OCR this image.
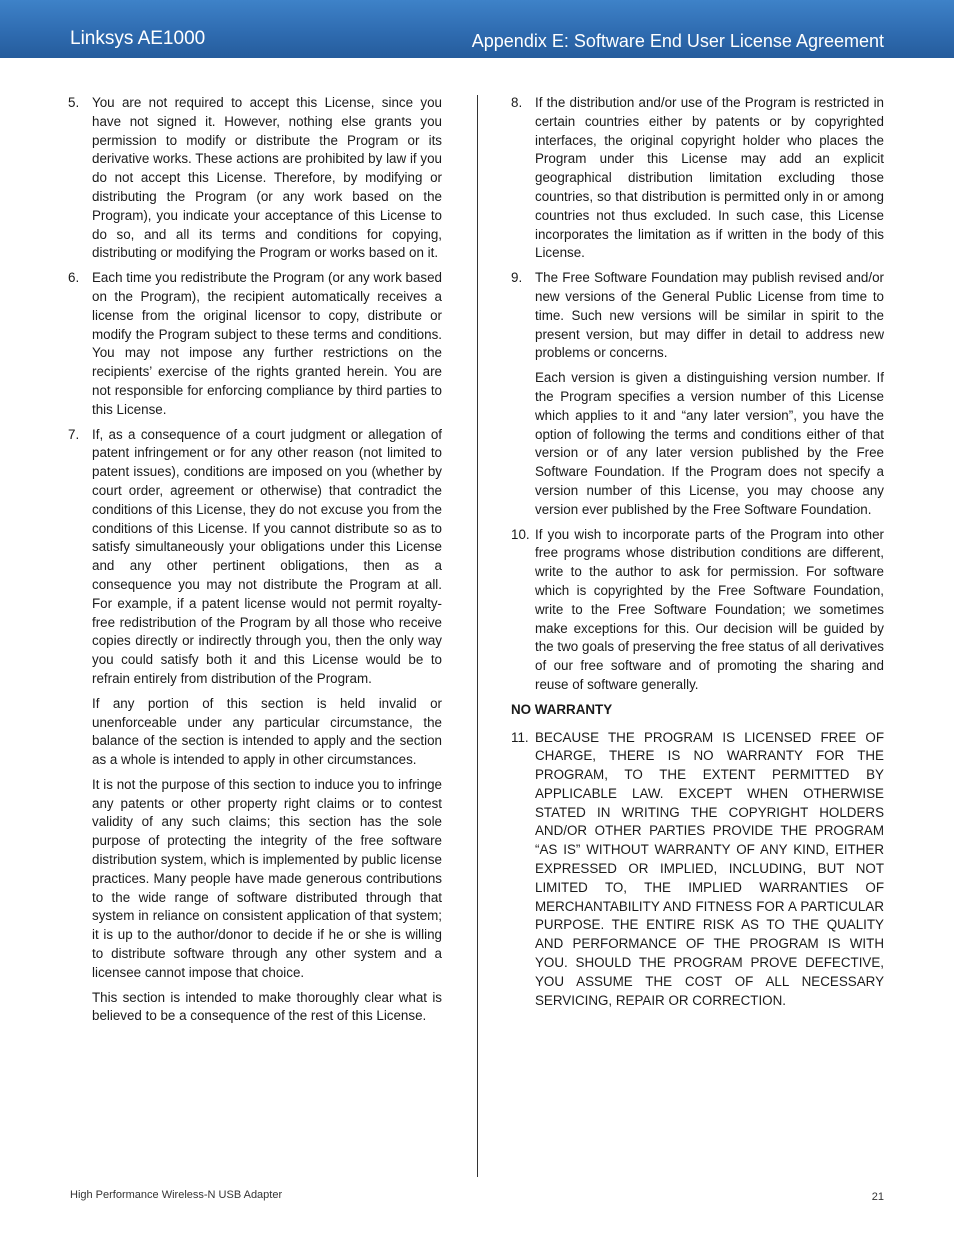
Linksys AE1000	Appendix E: Software End User License Agreement
5. You are not required to accept this License, since you have not signed it. However, nothing else grants you permission to modify or distribute the Program or its derivative works. These actions are prohibited by law if you do not accept this License. Therefore, by modifying or distributing the Program (or any work based on the Program), you indicate your acceptance of this License to do so, and all its terms and conditions for copying, distributing or modifying the Program or works based on it.

6. Each time you redistribute the Program (or any work based on the Program), the recipient automatically receives a license from the original licensor to copy, distribute or modify the Program subject to these terms and conditions. You may not impose any further restrictions on the recipients’ exercise of the rights granted herein. You are not responsible for enforcing compliance by third parties to this License.

7. If, as a consequence of a court judgment or allegation of patent infringement or for any other reason (not limited to patent issues), conditions are imposed on you (whether by court order, agreement or otherwise) that contradict the conditions of this License, they do not excuse you from the conditions of this License. If you cannot distribute so as to satisfy simultaneously your obligations under this License and any other pertinent obligations, then as a consequence you may not distribute the Program at all. For example, if a patent license would not permit royalty-free redistribution of the Program by all those who receive copies directly or indirectly through you, then the only way you could satisfy both it and this License would be to refrain entirely from distribution of the Program.

If any portion of this section is held invalid or unenforceable under any particular circumstance, the balance of the section is intended to apply and the section as a whole is intended to apply in other circumstances.

It is not the purpose of this section to induce you to infringe any patents or other property right claims or to contest validity of any such claims; this section has the sole purpose of protecting the integrity of the free software distribution system, which is implemented by public license practices. Many people have made generous contributions to the wide range of software distributed through that system in reliance on consistent application of that system; it is up to the author/donor to decide if he or she is willing to distribute software through any other system and a licensee cannot impose that choice.

This section is intended to make thoroughly clear what is believed to be a consequence of the rest of this License.

8. If the distribution and/or use of the Program is restricted in certain countries either by patents or by copyrighted interfaces, the original copyright holder who places the Program under this License may add an explicit geographical distribution limitation excluding those countries, so that distribution is permitted only in or among countries not thus excluded. In such case, this License incorporates the limitation as if written in the body of this License.

9. The Free Software Foundation may publish revised and/or new versions of the General Public License from time to time. Such new versions will be similar in spirit to the present version, but may differ in detail to address new problems or concerns.

Each version is given a distinguishing version number. If the Program specifies a version number of this License which applies to it and “any later version”, you have the option of following the terms and conditions either of that version or of any later version published by the Free Software Foundation. If the Program does not specify a version number of this License, you may choose any version ever published by the Free Software Foundation.

10. If you wish to incorporate parts of the Program into other free programs whose distribution conditions are different, write to the author to ask for permission. For software which is copyrighted by the Free Software Foundation, write to the Free Software Foundation; we sometimes make exceptions for this. Our decision will be guided by the two goals of preserving the free status of all derivatives of our free software and of promoting the sharing and reuse of software generally.

NO WARRANTY
11. BECAUSE THE PROGRAM IS LICENSED FREE OF CHARGE, THERE IS NO WARRANTY FOR THE PROGRAM, TO THE EXTENT PERMITTED BY APPLICABLE LAW. EXCEPT WHEN OTHERWISE STATED IN WRITING THE COPYRIGHT HOLDERS AND/OR OTHER PARTIES PROVIDE THE PROGRAM “AS IS” WITHOUT WARRANTY OF ANY KIND, EITHER EXPRESSED OR IMPLIED, INCLUDING, BUT NOT LIMITED TO, THE IMPLIED WARRANTIES OF MERCHANTABILITY AND FITNESS FOR A PARTICULAR PURPOSE. THE ENTIRE RISK AS TO THE QUALITY AND PERFORMANCE OF THE PROGRAM IS WITH YOU. SHOULD THE PROGRAM PROVE DEFECTIVE, YOU ASSUME THE COST OF ALL NECESSARY SERVICING, REPAIR OR CORRECTION.

High Performance Wireless-N USB Adapter	21
